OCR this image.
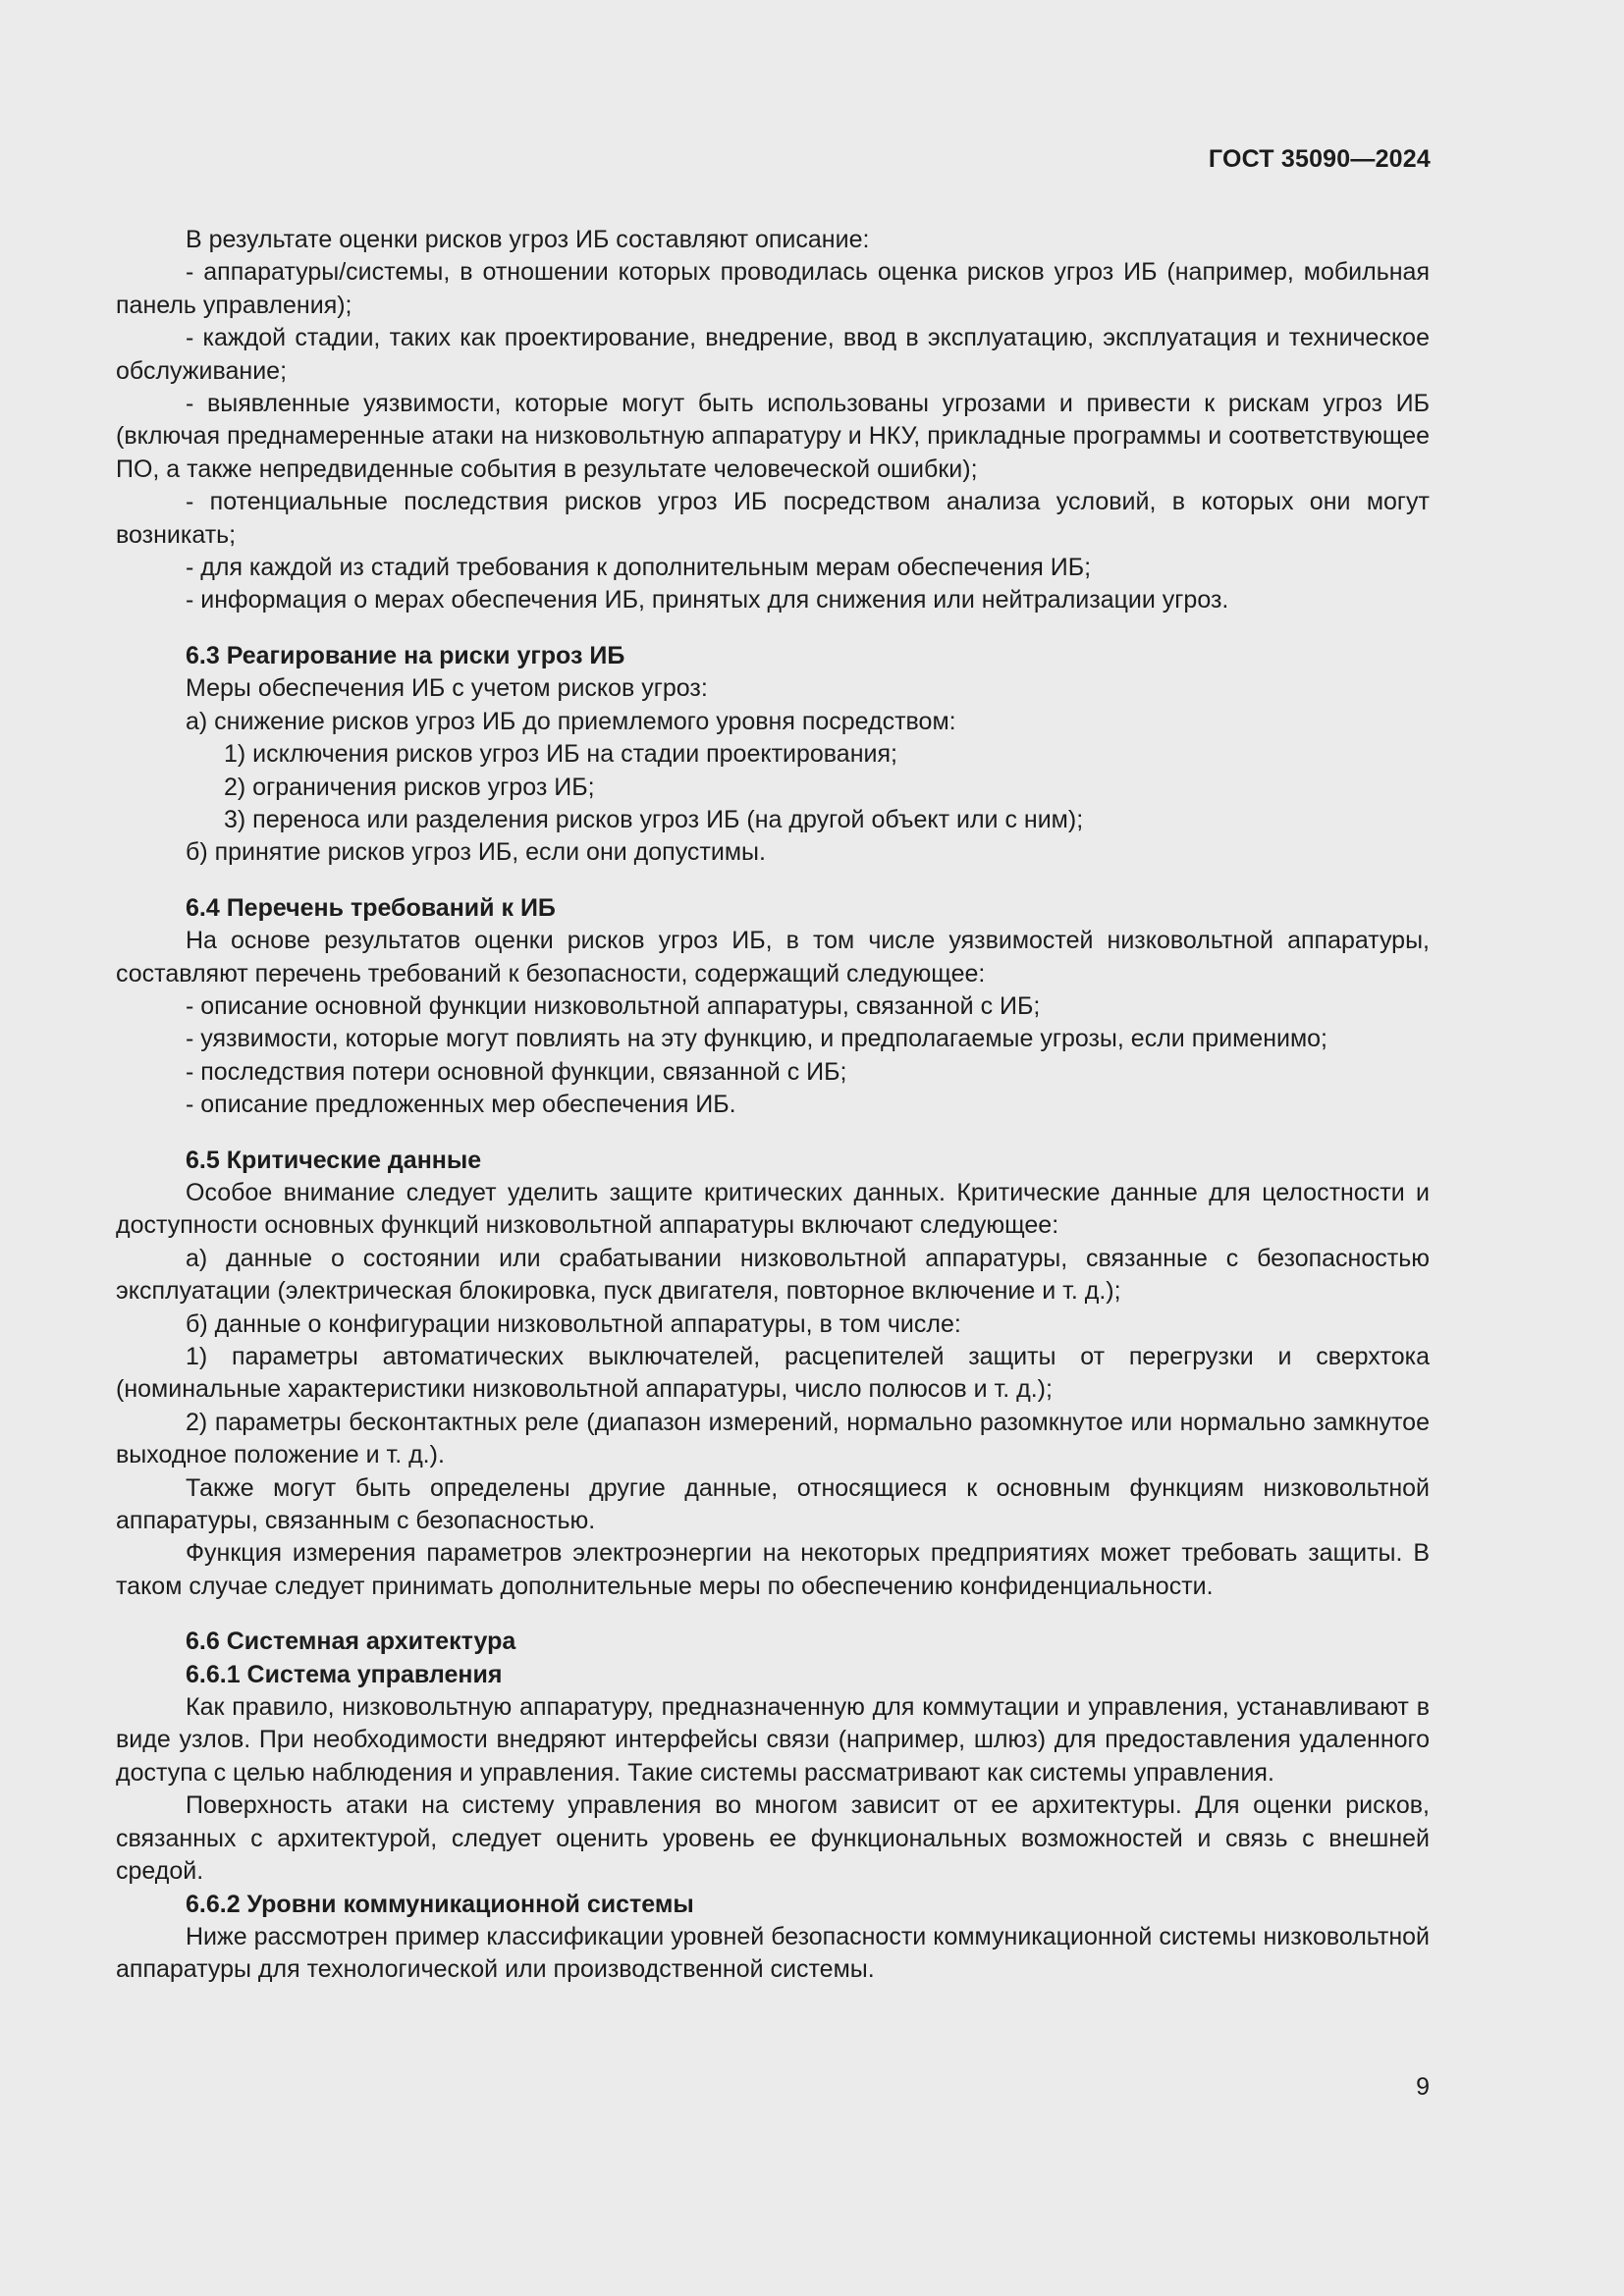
ГОСТ 35090—2024
В результате оценки рисков угроз ИБ составляют описание:
- аппаратуры/системы, в отношении которых проводилась оценка рисков угроз ИБ (например, мобильная панель управления);
- каждой стадии, таких как проектирование, внедрение, ввод в эксплуатацию, эксплуатация и техническое обслуживание;
- выявленные уязвимости, которые могут быть использованы угрозами и привести к рискам угроз ИБ (включая преднамеренные атаки на низковольтную аппаратуру и НКУ, прикладные программы и соответствующее ПО, а также непредвиденные события в результате человеческой ошибки);
- потенциальные последствия рисков угроз ИБ посредством анализа условий, в которых они могут возникать;
- для каждой из стадий требования к дополнительным мерам обеспечения ИБ;
- информация о мерах обеспечения ИБ, принятых для снижения или нейтрализации угроз.
6.3 Реагирование на риски угроз ИБ
Меры обеспечения ИБ с учетом рисков угроз:
а) снижение рисков угроз ИБ до приемлемого уровня посредством:
1) исключения рисков угроз ИБ на стадии проектирования;
2) ограничения рисков угроз ИБ;
3) переноса или разделения рисков угроз ИБ (на другой объект или с ним);
б) принятие рисков угроз ИБ, если они допустимы.
6.4 Перечень требований к ИБ
На основе результатов оценки рисков угроз ИБ, в том числе уязвимостей низковольтной аппаратуры, составляют перечень требований к безопасности, содержащий следующее:
- описание основной функции низковольтной аппаратуры, связанной с ИБ;
- уязвимости, которые могут повлиять на эту функцию, и предполагаемые угрозы, если применимо;
- последствия потери основной функции, связанной с ИБ;
- описание предложенных мер обеспечения ИБ.
6.5 Критические данные
Особое внимание следует уделить защите критических данных. Критические данные для целостности и доступности основных функций низковольтной аппаратуры включают следующее:
а) данные о состоянии или срабатывании низковольтной аппаратуры, связанные с безопасностью эксплуатации (электрическая блокировка, пуск двигателя, повторное включение и т. д.);
б) данные о конфигурации низковольтной аппаратуры, в том числе:
1) параметры автоматических выключателей, расцепителей защиты от перегрузки и сверхтока (номинальные характеристики низковольтной аппаратуры, число полюсов и т. д.);
2) параметры бесконтактных реле (диапазон измерений, нормально разомкнутое или нормально замкнутое выходное положение и т. д.).
Также могут быть определены другие данные, относящиеся к основным функциям низковольтной аппаратуры, связанным с безопасностью.
Функция измерения параметров электроэнергии на некоторых предприятиях может требовать защиты. В таком случае следует принимать дополнительные меры по обеспечению конфиденциальности.
6.6 Системная архитектура
6.6.1 Система управления
Как правило, низковольтную аппаратуру, предназначенную для коммутации и управления, устанавливают в виде узлов. При необходимости внедряют интерфейсы связи (например, шлюз) для предоставления удаленного доступа с целью наблюдения и управления. Такие системы рассматривают как системы управления.
Поверхность атаки на систему управления во многом зависит от ее архитектуры. Для оценки рисков, связанных с архитектурой, следует оценить уровень ее функциональных возможностей и связь с внешней средой.
6.6.2 Уровни коммуникационной системы
Ниже рассмотрен пример классификации уровней безопасности коммуникационной системы низковольтной аппаратуры для технологической или производственной системы.
9
